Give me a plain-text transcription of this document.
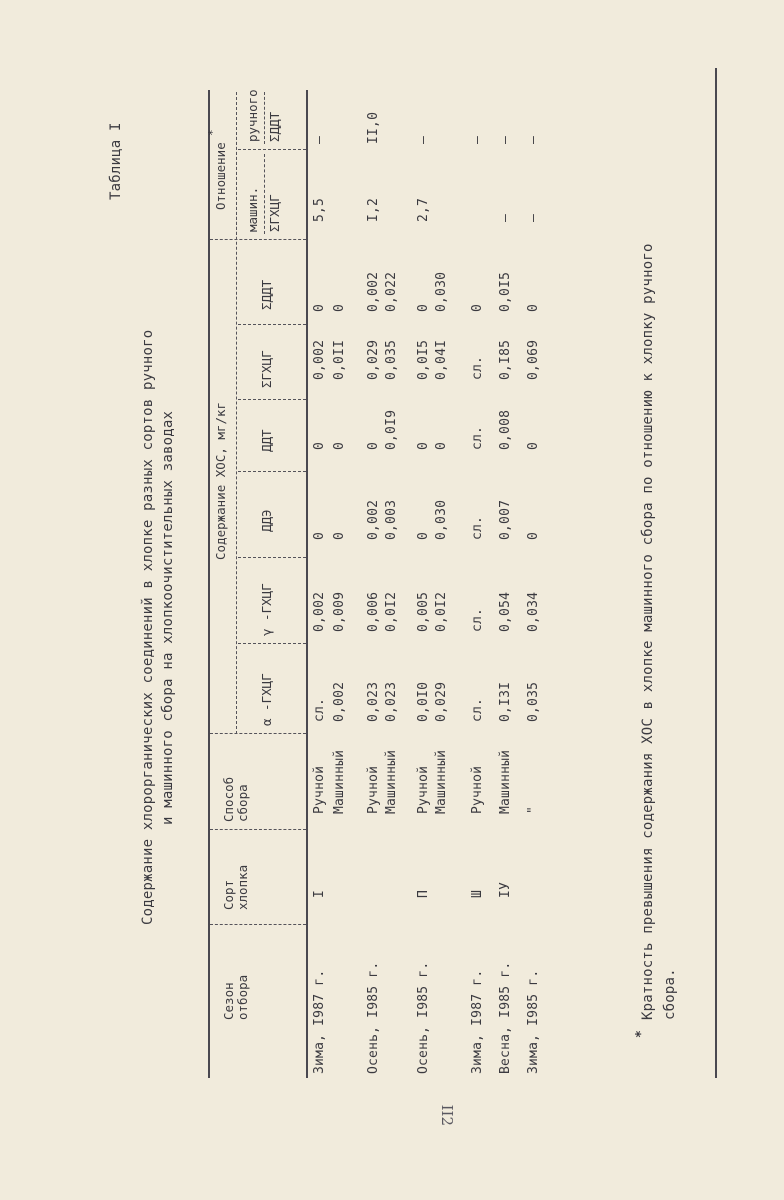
Таблица I
Содержание хлорорганических соединений в хлопке разных сортов ручного и машинного сбора на хлопкоочистительных заводах
Сезон отбора
Сорт хлопка
Способ сбора
Содержание ХОС, мг/кг
Отношение
*
α -ГХЦГ
γ -ГХЦГ
ДДЭ
ДДТ
ΣГХЦГ
ΣДДТ
машин. ΣГХЦГ
ручного ΣДДТ
Зима, I987 г.
I
Ручной
сл.
0,002
0
0
0,002
0
5,5
–
Машинный
0,002
0,009
0
0
0,0II
0
Осень, I985 г.
Ручной
0,023
0,006
0,002
0
0,029
0,002
I,2
II,0
Машинный
0,023
0,0I2
0,003
0,0I9
0,035
0,022
Осень, I985 г.
П
Ручной
0,0I0
0,005
0
0
0,0I5
0
2,7
–
Машинный
0,029
0,0I2
0,030
0
0,04I
0,030
Зима, I987 г.
Ш
Ручной
сл.
сл.
сл.
сл.
сл.
0
–
Весна, I985 г.
IУ
Машинный
0,I3I
0,054
0,007
0,008
0,I85
0,0I5
–
–
Зима, I985 г.
"
0,035
0,034
0
0
0,069
0
–
–
*
Кратность превышения содержания ХОС в хлопке машинного сбора по отношению к хлопку ручного сбора.
II2
